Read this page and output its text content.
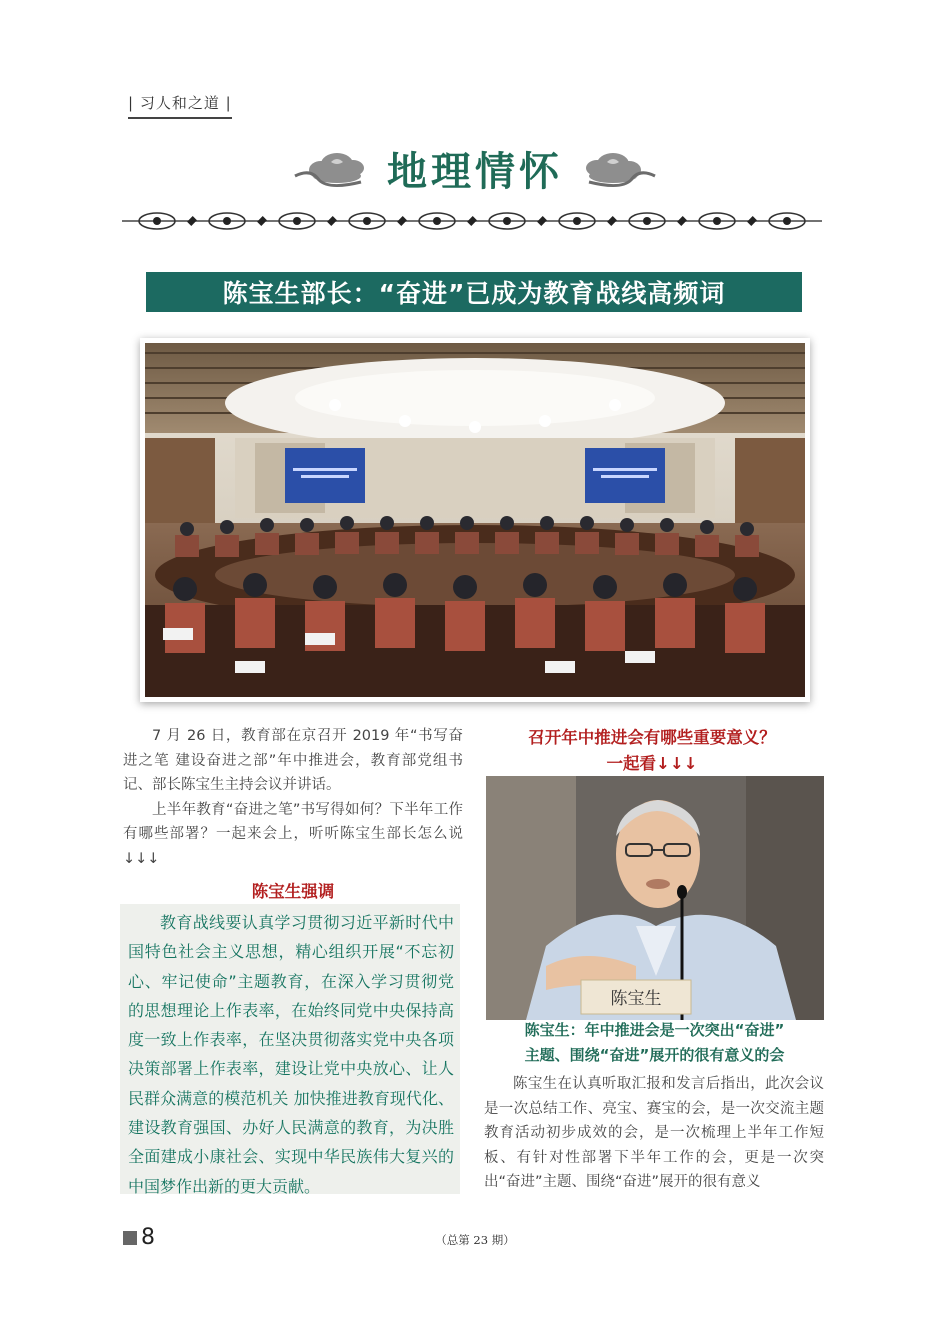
| 习人和之道 |
地理情怀
陈宝生部长：“奋进”已成为教育战线高频词

7 月 26 日，教育部在京召开 2019 年“书写奋进之笔 建设奋进之部”年中推进会，教育部党组书记、部长陈宝生主持会议并讲话。

上半年教育“奋进之笔”书写得如何？下半年工作有哪些部署？一起来会上，听听陈宝生部长怎么说↓↓↓

陈宝生强调

教育战线要认真学习贯彻习近平新时代中国特色社会主义思想，精心组织开展“不忘初心、牢记使命”主题教育，在深入学习贯彻党的思想理论上作表率，在始终同党中央保持高度一致上作表率，在坚决贯彻落实党中央各项决策部署上作表率，建设让党中央放心、让人民群众满意的模范机关 加快推进教育现代化、建设教育强国、办好人民满意的教育，为决胜全面建成小康社会、实现中华民族伟大复兴的中国梦作出新的更大贡献。

召开年中推进会有哪些重要意义？
一起看↓↓↓
陈宝生
陈宝生：年中推进会是一次突出“奋进”
主题、围绕“奋进”展开的很有意义的会

陈宝生在认真听取汇报和发言后指出，此次会议是一次总结工作、亮宝、赛宝的会，是一次交流主题教育活动初步成效的会，是一次梳理上半年工作短板、有针对性部署下半年工作的会，更是一次突出“奋进”主题、围绕“奋进”展开的很有意义

8	（总第 23 期）
